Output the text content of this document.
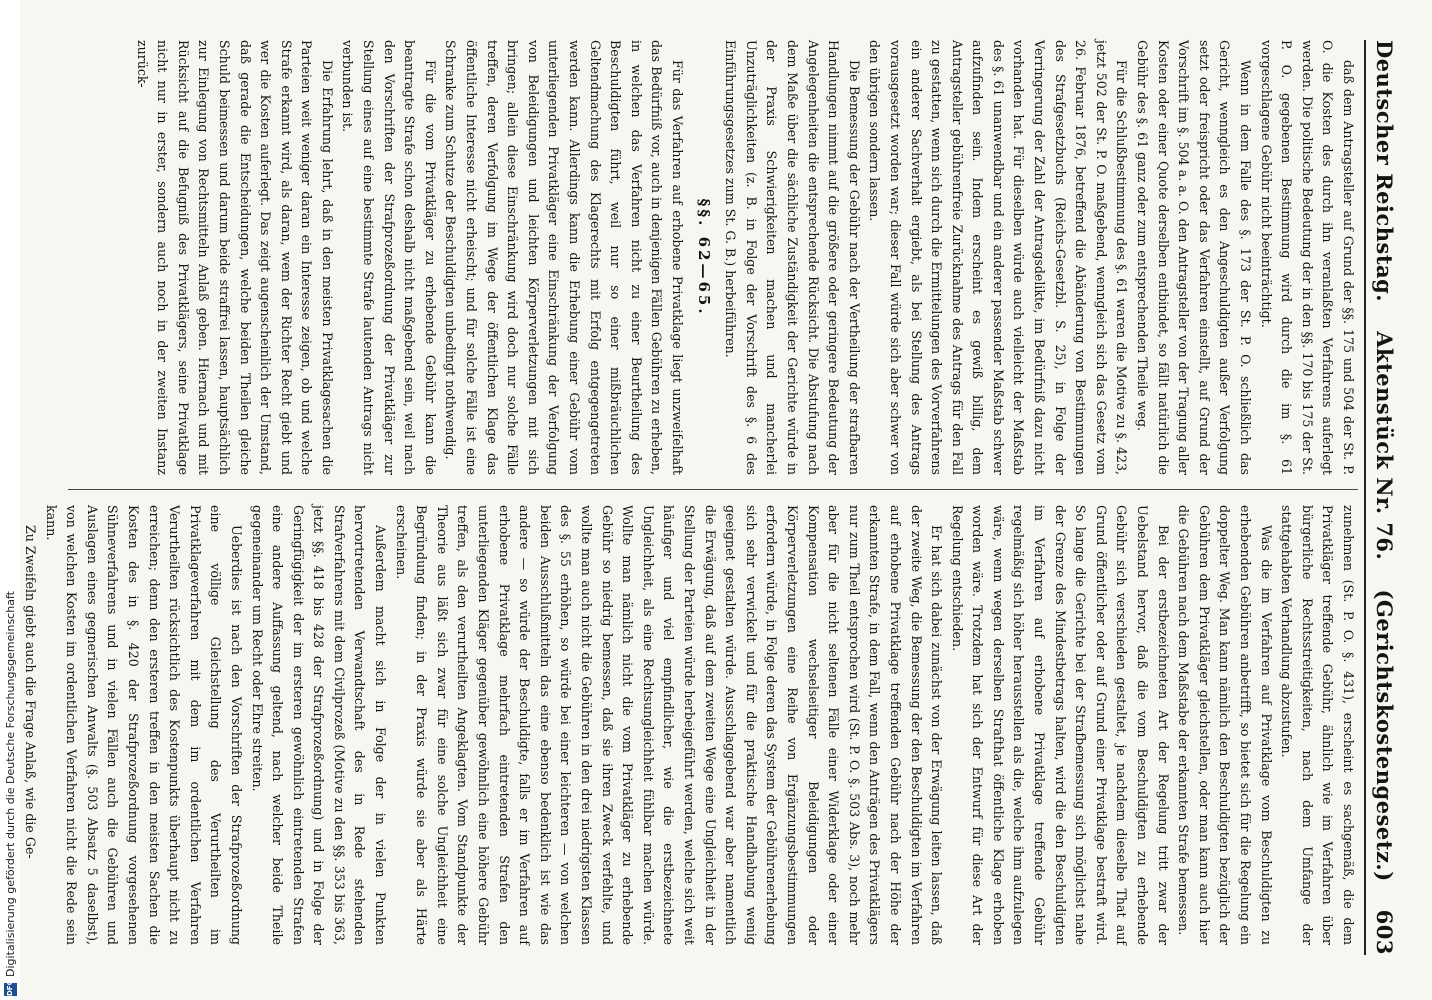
DFG
Digitalisierung gefördert durch die Deutsche Forschungsgemeinschaft
Deutscher Reichstag.
Aktenstück Nr. 76.
(Gerichtskostengesetz.)
603

daß dem Antragsteller auf Grund der §§. 175 und 504 der St. P. O. die Kosten des durch ihn veranlaßten Verfahrens auferlegt werden. Die politische Bedeutung der in den §§. 170 bis 175 der St. P. O. gegebenen Bestimmung wird durch die im §. 61 vorgeschlagene Gebühr nicht beeinträchtigt.

Wenn in dem Falle des §. 173 der St. P. O. schließlich das Gericht, wenngleich es den Angeschuldigten außer Verfolgung setzt oder freispricht oder das Verfahren einstellt, auf Grund der Vorschrift im §. 504 a. a. O. den Antragsteller von der Tragung aller Kosten oder einer Quote derselben entbindet, so fällt natürlich die Gebühr des §. 61 ganz oder zum entsprechenden Theile weg.

Für die Schlußbestimmung des §. 61 waren die Motive zu §. 423, jetzt 502 der St. P. O. maßgebend, wenngleich sich das Gesetz vom 26. Februar 1876, betreffend die Abänderung von Bestimmungen des Strafgesetzbuchs (Reichs-Gesetzbl. S. 25), in Folge der Verringerung der Zahl der Antragsdelikte, im Bedürfniß dazu nicht vorhanden hat. Für dieselben würde auch vielleicht der Maßstab des §. 61 unanwendbar und ein anderer passender Maßstab schwer aufzufinden sein. Indem erscheint es gewiß billig, dem Antragsteller gebührenfreie Zurücknahme des Antrags für den Fall zu gestatten, wenn sich durch die Ermittelungen des Vorverfahrens ein anderer Sachverhalt ergiebt, als bei Stellung des Antrags vorausgesetzt worden war; dieser Fall würde sich aber schwer von den übrigen sondern lassen.

Die Bemessung der Gebühr nach der Vertheilung der strafbaren Handlungen nimmt auf die größere oder geringere Bedeutung der Angelegenheiten die entsprechende Rücksicht. Die Abstufung nach dem Maße über die sächliche Zuständigkeit der Gerichte würde in der Praxis Schwierigkeiten machen und mancherlei Unzuträglichkeiten (z. B. in Folge der Vorschrift des §. 6 des Einführungsgesetzes zum St. G. B.) herbeiführen.

§§. 62—65.

Für das Verfahren auf erhobene Privatklage liegt unzweifelhaft das Bedürfniß vor, auch in denjenigen Fällen Gebühren zu erheben, in welchen das Verfahren nicht zu einer Beurtheilung des Beschuldigten führt, weil nur so einer mißbräuchlichen Geltendmachung des Klagerechts mit Erfolg entgegengetreten werden kann. Allerdings kann die Erhebung einer Gebühr vom unterliegenden Privatkläger eine Einschränkung der Verfolgung von Beleidigungen und leichten Körperverletzungen mit sich bringen; allein diese Einschränkung wird doch nur solche Fälle treffen, deren Verfolgung im Wege der öffentlichen Klage das öffentliche Interesse nicht erheischt; und für solche Fälle ist eine Schranke zum Schutze der Beschuldigten unbedingt nothwendig.

Für die vom Privatkläger zu erhebende Gebühr kann die beantragte Strafe schon deshalb nicht maßgebend sein, weil nach den Vorschriften der Strafprozeßordnung der Privatkläger zur Stellung eines auf eine bestimmte Strafe lautenden Antrags nicht verbunden ist.

Die Erfahrung lehrt, daß in den meisten Privatklagesachen die Parteien weit weniger daran ein Interesse zeigen, ob und welche Strafe erkannt wird, als daran, wem der Richter Recht giebt und wer die Kosten auferlegt. Das zeigt augenscheinlich der Umstand, daß gerade die Entscheidungen, welche beiden Theilen gleiche Schuld beimessen und darum beide straffrei lassen, hauptsächlich zur Einlegung von Rechtsmitteln Anlaß geben. Hiernach und mit Rücksicht auf die Befugniß des Privatklägers, seine Privatklage nicht nur in erster, sondern auch noch in der zweiten Instanz zurück-

zunehmen (St. P. O. §. 431), erscheint es sachgemäß, die dem Privatkläger treffende Gebühr, ähnlich wie im Verfahren über bürgerliche Rechtsstreitigkeiten, nach dem Umfange der stattgehabten Verhandlung abzustufen.

Was die im Verfahren auf Privatklage vom Beschuldigten zu erhebenden Gebühren anbetrifft, so bietet sich für die Regelung ein doppelter Weg. Man kann nämlich den Beschuldigten bezüglich der Gebühren dem Privatkläger gleichstellen, oder man kann auch hier die Gebühren nach dem Maßstabe der erkannten Strafe bemessen.

Bei der erstbezeichneten Art der Regelung tritt zwar der Uebelstand hervor, daß die vom Beschuldigten zu erhebende Gebühr sich verschieden gestaltet, je nachdem dieselbe That auf Grund öffentlicher oder auf Grund einer Privatklage bestraft wird. So lange die Gerichte bei der Strafbemessung sich möglichst nahe der Grenze des Mindestbetrags halten, wird die den Beschuldigten im Verfahren auf erhobene Privatklage treffende Gebühr regelmäßig sich höher herausstellen als die, welche ihm aufzulegen wäre, wenn wegen derselben Strafthat öffentliche Klage erhoben worden wäre. Trotzdem hat sich der Entwurf für diese Art der Regelung entschieden.

Er hat sich dabei zunächst von der Erwägung leiten lassen, daß der zweite Weg, die Bemessung der den Beschuldigten im Verfahren auf erhobene Privatklage treffenden Gebühr nach der Höhe der erkannten Strafe, in dem Fall, wenn den Anträgen des Privatklägers nur zum Theil entsprochen wird (St. P. O. §. 503 Abs. 3), noch mehr aber für die nicht seltenen Fälle einer Widerklage oder einer Kompensation wechselseitiger Beleidigungen oder Körperverletzungen eine Reihe von Ergänzungsbestimmungen erfordern würde, in Folge deren das System der Gebührenerhebung sich sehr verwickelt und für die praktische Handhabung wenig geeignet gestalten würde. Ausschlaggebend war aber namentlich die Erwägung, daß auf dem zweiten Wege eine Ungleichheit in der Stellung der Parteien würde herbeigeführt werden, welche sich weit häufiger und viel empfindlicher, wie die erstbezeichnete Ungleichheit, als eine Rechtsungleichheit fühlbar machen würde. Wollte man nämlich nicht die vom Privatkläger zu erhebende Gebühr so niedrig bemessen, daß sie ihren Zweck verfehlte, und wollte man auch nicht die Gebühren in den drei niedrigsten Klassen des §. 55 erhöhen, so würde bei einer leichteren — von welchen beiden Ausschlußmitteln das eine ebenso bedenklich ist wie das andere — so würde der Beschuldigte, falls er im Verfahren auf erhobene Privatklage mehrfach eintretenden Strafen den unterliegenden Kläger gegenüber gewöhnlich eine höhere Gebühr treffen, als den verurtheilten Angeklagten. Vom Standpunkte der Theorie aus läßt sich zwar für eine solche Ungleichheit eine Begründung finden; in der Praxis würde sie aber als Härte erscheinen.

Außerdem macht sich in Folge der in vielen Punkten hervortretenden Verwandtschaft des in Rede stehenden Strafverfahrens mit dem Civilprozeß (Motive zu den §§. 353 bis 363, jetzt §§. 418 bis 428 der Strafprozeßordnung) und in Folge der Geringfügigkeit der im ersteren gewöhnlich eintretenden Strafen eine andere Auffassung geltend, nach welcher beide Theile gegeneinander um Recht oder Ehre streiten.

Ueberdies ist nach den Vorschriften der Strafprozeßordnung eine völlige Gleichstellung des Verurtheilten im Privatklageverfahren mit dem im ordentlichen Verfahren Verurtheilten rücksichtlich des Kostenpunkts überhaupt nicht zu erreichen; denn den ersteren treffen in den meisten Sachen die Kosten des in §. 420 der Strafprozeßordnung vorgesehenen Sühneverfahrens und in vielen Fällen auch die Gebühren und Auslagen eines gegnerischen Anwalts (§. 503 Absatz 5 daselbst), von welchen Kosten im ordentlichen Verfahren nicht die Rede sein kann.

Zu Zweifeln giebt auch die Frage Anlaß, wie die Ge-
